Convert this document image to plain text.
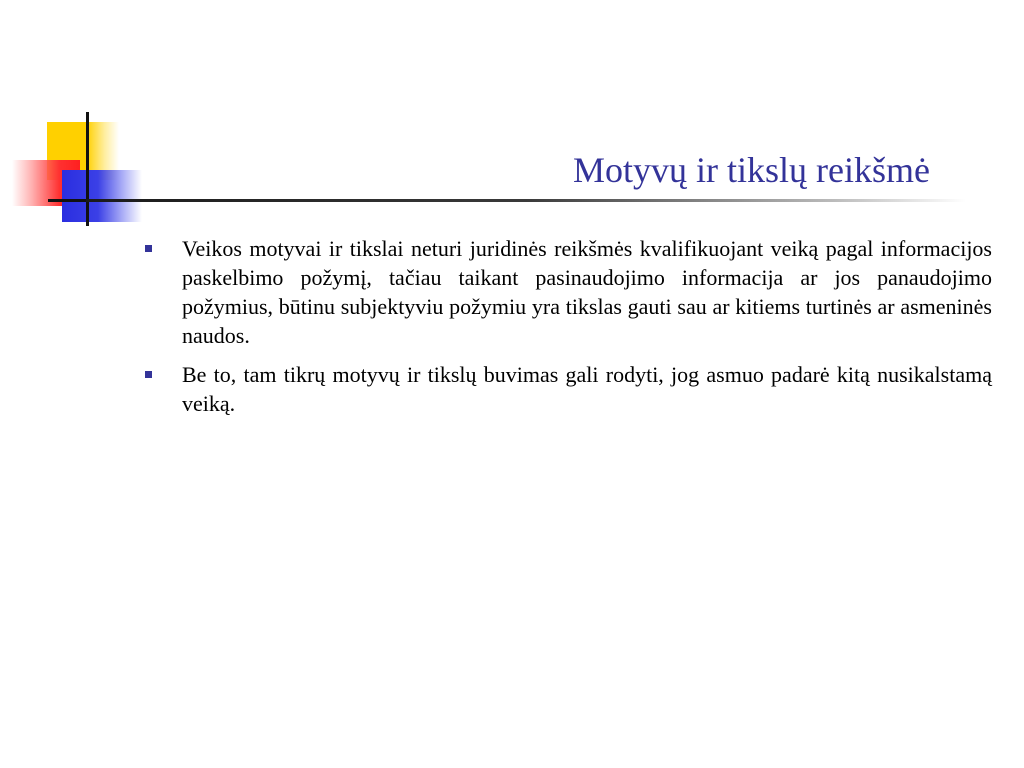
Motyvų ir tikslų reikšmė
Veikos motyvai ir tikslai neturi juridinės reikšmės kvalifikuojant veiką pagal informacijos paskelbimo požymį, tačiau taikant pasinaudojimo informacija ar jos panaudojimo požymius, būtinu subjektyviu požymiu yra tikslas gauti sau ar kitiems turtinės ar asmeninės naudos.
Be to, tam tikrų motyvų ir tikslų buvimas gali rodyti, jog asmuo padarė kitą nusikalstamą veiką.
